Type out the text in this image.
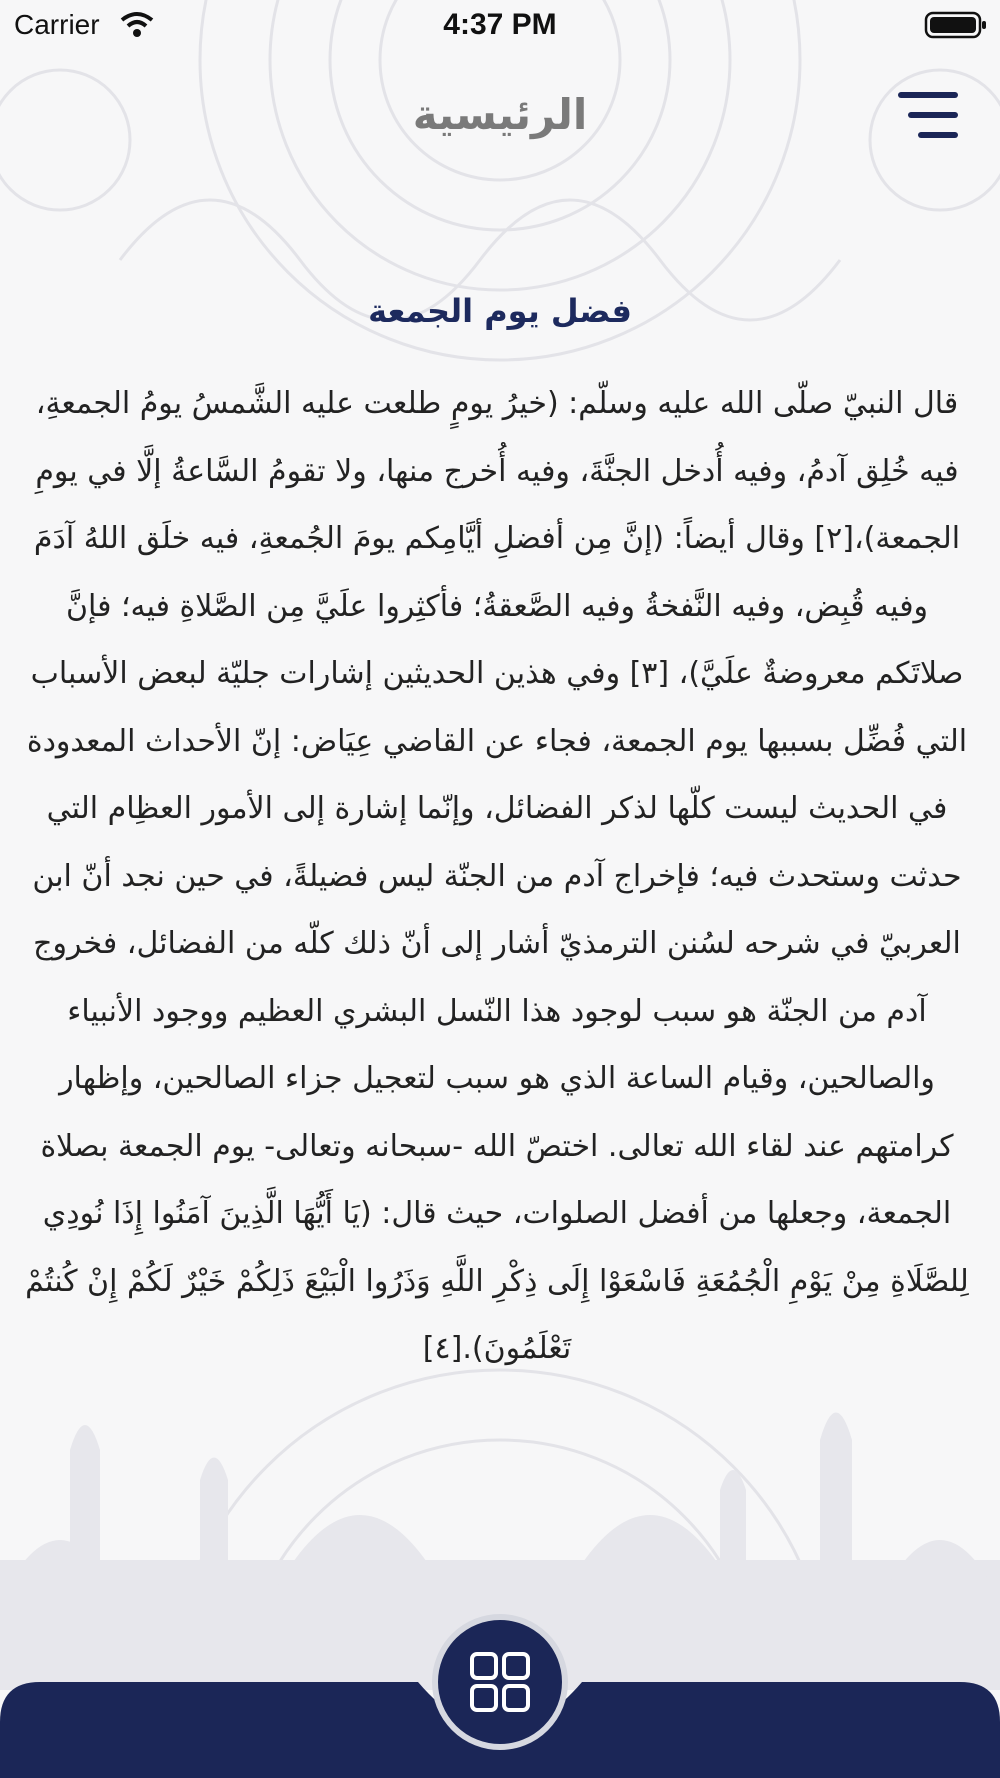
Carrier	4:37 PM
الرئيسية
فضل يوم الجمعة
قال النبيّ صلّى الله عليه وسلّم: (خيرُ يومٍ طلعت عليه الشَّمسُ يومُ الجمعةِ، فيه خُلِق آدمُ، وفيه أُدخل الجنَّةَ، وفيه أُخرج منها، ولا تقومُ السَّاعةُ إلَّا في يومِ الجمعة)،[٢] وقال أيضاً: (إنَّ مِن أفضلِ أيَّامِكم يومَ الجُمعةِ، فيه خلَق اللهُ آدَمَ وفيه قُبِض، وفيه النَّفخةُ وفيه الصَّعقةُ؛ فأكثِروا علَيَّ مِن الصَّلاةِ فيه؛ فإنَّ صلاتَكم معروضةٌ علَيَّ)، [٣] وفي هذين الحديثين إشارات جليّة لبعض الأسباب التي فُضِّل بسببها يوم الجمعة، فجاء عن القاضي عِيَاض: إنّ الأحداث المعدودة في الحديث ليست كلّها لذكر الفضائل، وإنّما إشارة إلى الأمور العظِام التي حدثت وستحدث فيه؛ فإخراج آدم من الجنّة ليس فضيلةً، في حين نجد أنّ ابن العربيّ في شرحه لسُنن الترمذيّ أشار إلى أنّ ذلك كلّه من الفضائل، فخروج آدم من الجنّة هو سبب لوجود هذا النّسل البشري العظيم ووجود الأنبياء والصالحين، وقيام الساعة الذي هو سبب لتعجيل جزاء الصالحين، وإظهار كرامتهم عند لقاء الله تعالى. اختصّ الله -سبحانه وتعالى- يوم الجمعة بصلاة الجمعة، وجعلها من أفضل الصلوات، حيث قال: (يَا أَيُّهَا الَّذِينَ آمَنُوا إِذَا نُودِي لِلصَّلَاةِ مِنْ يَوْمِ الْجُمُعَةِ فَاسْعَوْا إِلَى ذِكْرِ اللَّهِ وَذَرُوا الْبَيْعَ ذَلِكُمْ خَيْرٌ لَكُمْ إِنْ كُنتُمْ تَعْلَمُونَ).[٤]
